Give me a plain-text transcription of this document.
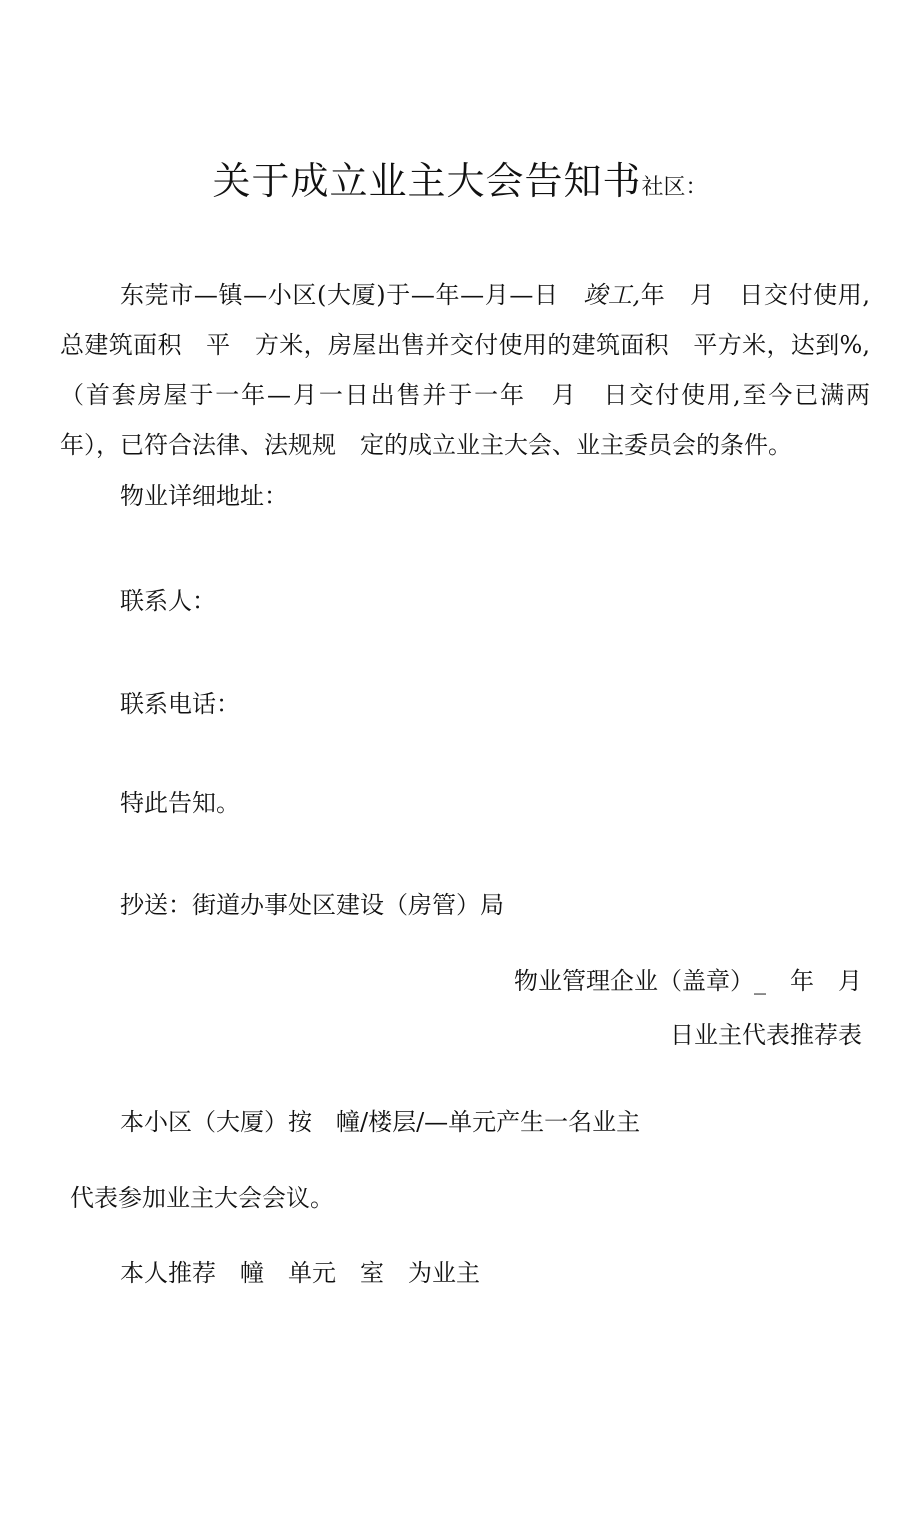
关于成立业主大会告知书社区：

东莞市—镇—小区(大厦)于—年—月—日　 竣工,年　月　日交付使用,总建筑面积　平　方米，房屋出售并交付使用的建筑面积　平方米，达到%,（首套房屋于一年—月一日出售并于一年　月　日交付使用,至今已满两年），已符合法律、法规规　定的成立业主大会、业主委员会的条件。

物业详细地址：
联系人：
联系电话：
特此告知。
抄送：街道办事处区建设（房管）局
物业管理企业（盖章）_　年　月
日业主代表推荐表
本小区（大厦）按　幢/楼层/—单元产生一名业主
代表参加业主大会会议。
本人推荐　幢　单元　室　为业主
